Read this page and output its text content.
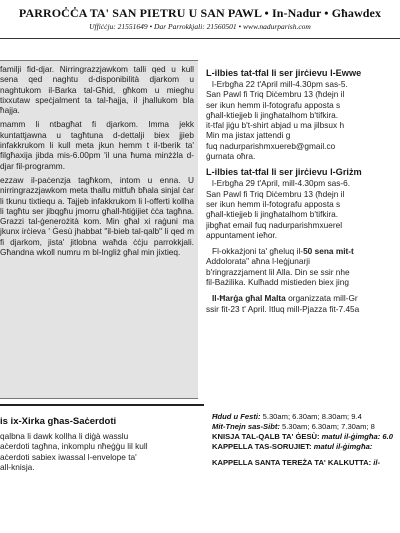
PARROĊĊA TA' SAN PIETRU U SAN PAWL • In-Nadur • Għawdex
Uffiċċju: 21551649 • Dar Parrokkjali: 21560501 • www.nadurparish.com

familji fid-djar. Nirringrazzjawkom talli qed u kull sena qed naghtu d-disponibilità djarkom u naghtukom il-Barka tal-Għid, għkom u mieghu tixxutaw speċjalment ta tal-ħajja, il jhallukom bla ħajja.

mamm li ntbagħat fi djarkom. Imma jekk kuntattjawna u tagħtuna d-dettalji biex jjieb infakkrukom li kull meta jkun hemm t il-tberik ta' filgħaxija jibda mis-6.00pm 'il una ħuma minżżla d-djar fil-programm.

ezzaw il-paċenzja tagħkom, intom u enna. U nirringrazzjawkom meta thallu mitfuħ bħala sinjal ċar li tkunu tixtiequ a. Tajjeb infakkrukom li l-offerti kollha li tagħtu ser jibqgħu jmorru għall-ħtiġijiet ċċa tagħna. Grazzi tal-ġenerożità kom. Min għal xi raġuni ma jkunx irċieva ' Ġesù jhabbat "il-bieb tal-qalb" li qed m fi djarkom, jista' jitlobna waħda ċċju parrokkjali. Għandna wkoll numru m bl-Ingliż għal min jixtieq.

L-ilbies tat-tfal li ser jirċievu l-Ewwe

l-Erbgħa 22 t'April mill-4.30pm sas-5.

San Pawl fi Triq Diċembru 13 (ħdejn il

ser ikun hemm il-fotografu apposta s

għall-ktiejjeb li jingħatalhom b'tifkira.

it-tfal jiġu b't-shirt abjad u ma jilbsux h

Min ma jistax jattendi g

fuq nadurparishmxuereb@gmail.co

ġurnata oħra.

L-ilbies tat-tfal li ser jirċievu l-Griżm

l-Erbgħa 29 t'April, mill-4.30pm sas-6.

San Pawl fi Triq Diċembru 13 (ħdejn il

ser ikun hemm il-fotografu apposta s

għall-ktiejjeb li jingħatalhom b'tifkira.

jibgħat email fuq nadurparishmxuerel

appuntament ieħor.

Fl-okkażjoni ta' għeluq il-50 sena mit-t

Addolorata" aħna l-leġjunarji

b'ringrazzjament lil Alla. Din se ssir nhe

fil-Bażilika. Kulħadd mistieden biex jing

Il-Ħarġa għal Malta organizzata mill-Gr

ssir fit-23 t' April. Itluq mill-Pjazza fit-7.45a

is ix-Xirka għas-Saċerdoti

qalbna li dawk kollha li diġà wasslu

aċerdoti tagħna, inkomplu nħeġġu lil kull

aċerdoti sabiex iwassal l-envelope ta'

all-knisja.

Ħdud u Festi: 5.30am; 6.30am; 8.30am; 9.4

Mit-Tnejn sas-Sibt: 5.30am; 6.30am; 7.30am; 8

KNISJA TAL-QALB TA' ĠESÙ: matul il-ġimgħa: 6.0

KAPPELLA TAS-SORUJIET: matul il-ġimgħa:

KAPPELLA SANTA TEREŻA TA' KALKUTTA: il-
